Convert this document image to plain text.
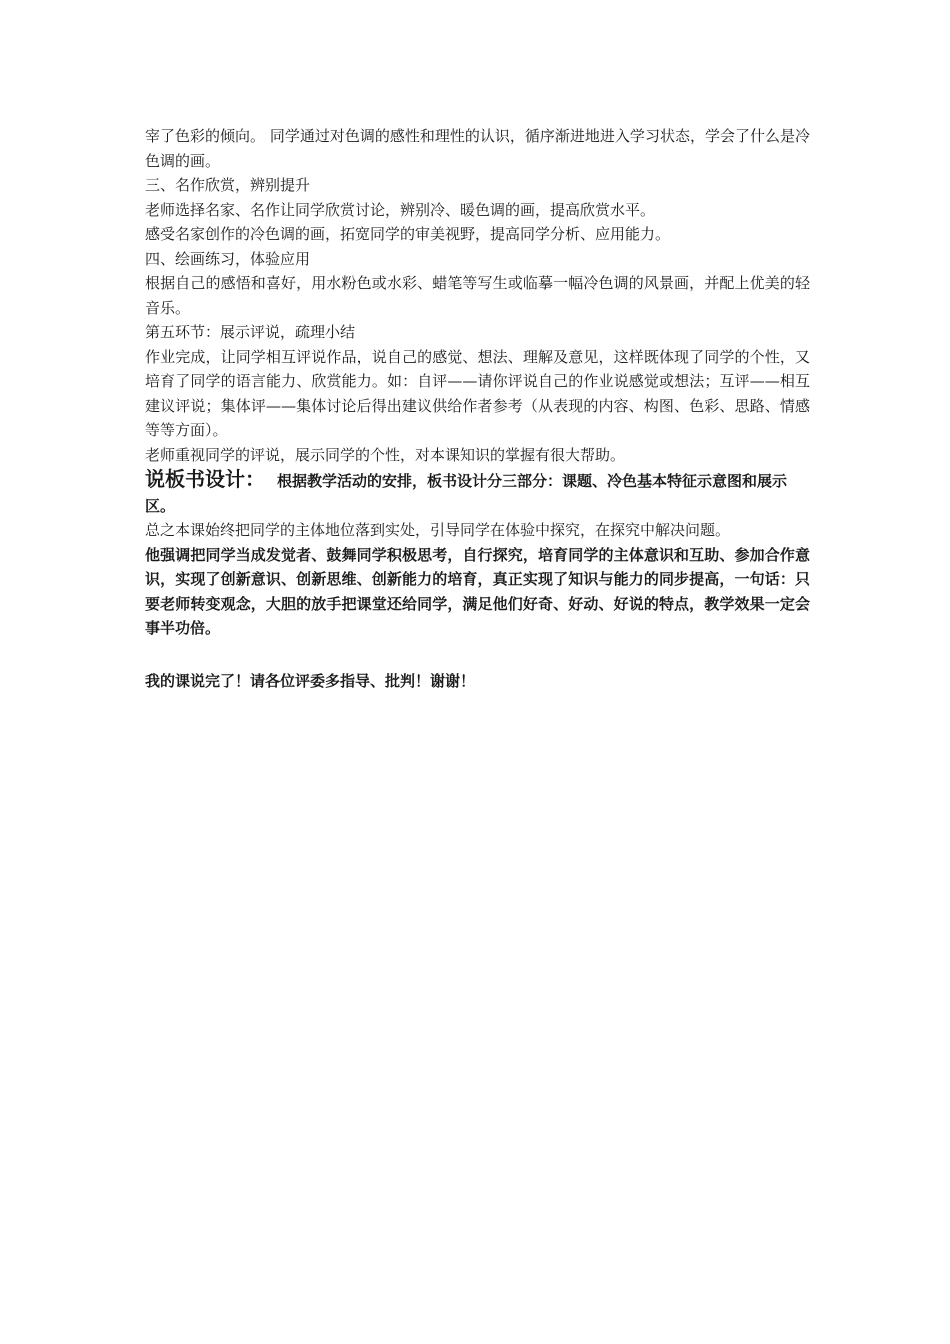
宰了色彩的倾向。 同学通过对色调的感性和理性的认识，循序渐进地进入学习状态，学会了什么是冷色调的画。

三、名作欣赏，辨别提升

老师选择名家、名作让同学欣赏讨论，辨别冷、暖色调的画，提高欣赏水平。

感受名家创作的冷色调的画，拓宽同学的审美视野，提高同学分析、应用能力。

四、绘画练习，体验应用

根据自己的感悟和喜好，用水粉色或水彩、蜡笔等写生或临摹一幅冷色调的风景画，并配上优美的轻音乐。

第五环节：展示评说，疏理小结

作业完成，让同学相互评说作品，说自己的感觉、想法、理解及意见，这样既体现了同学的个性，又培育了同学的语言能力、欣赏能力。如：自评——请你评说自己的作业说感觉或想法；互评——相互建议评说；集体评——集体讨论后得出建议供给作者参考（从表现的内容、构图、色彩、思路、情感等等方面）。

老师重视同学的评说，展示同学的个性，对本课知识的掌握有很大帮助。

说板书设计： 根据教学活动的安排，板书设计分三部分：课题、冷色基本特征示意图和展示区。

总之本课始终把同学的主体地位落到实处，引导同学在体验中探究，在探究中解决问题。

他强调把同学当成发觉者、鼓舞同学积极思考，自行探究，培育同学的主体意识和互助、参加合作意识，实现了创新意识、创新思维、创新能力的培育，真正实现了知识与能力的同步提高，一句话：只要老师转变观念，大胆的放手把课堂还给同学，满足他们好奇、好动、好说的特点，教学效果一定会事半功倍。

我的课说完了！请各位评委多指导、批判！谢谢！
